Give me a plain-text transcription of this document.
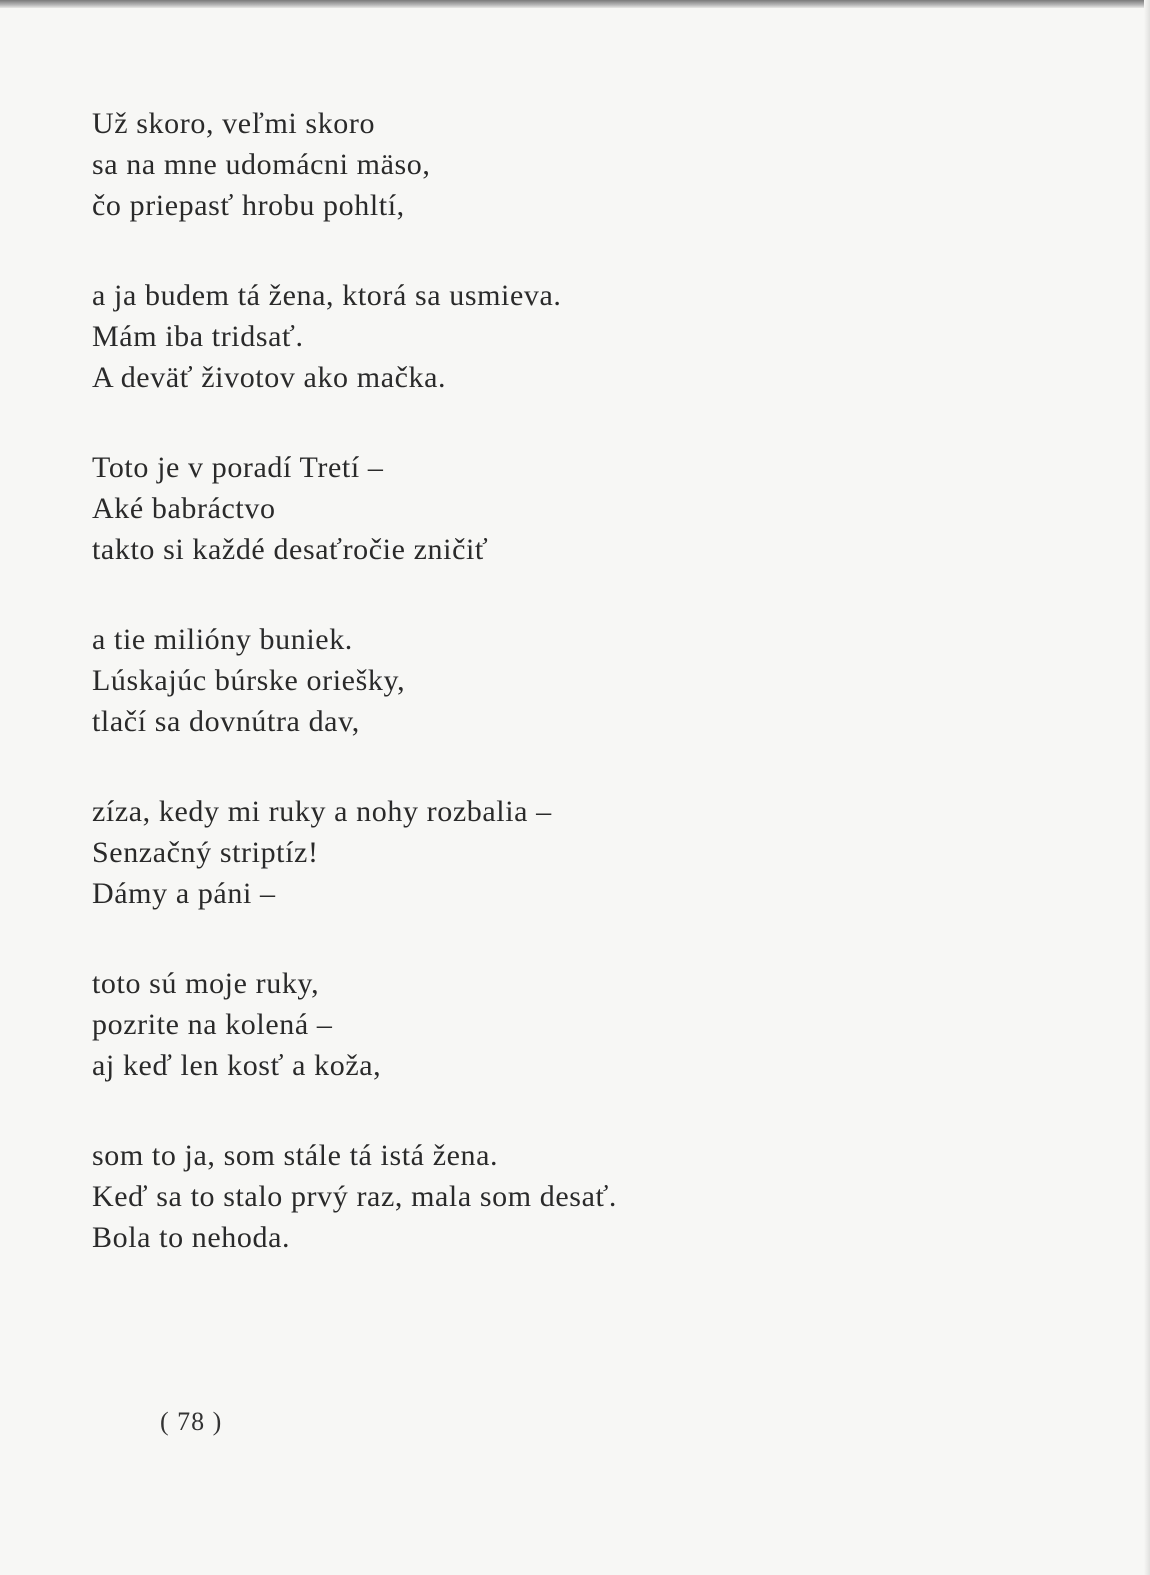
Už skoro, veľmi skoro
sa na mne udomácni mäso,
čo priepasť hrobu pohltí,
a ja budem tá žena, ktorá sa usmieva.
Mám iba tridsať.
A deväť životov ako mačka.
Toto je v poradí Tretí –
Aké babráctvo
takto si každé desaťročie zničiť
a tie milióny buniek.
Lúskajúc búrske oriešky,
tlačí sa dovnútra dav,
zíza, kedy mi ruky a nohy rozbalia –
Senzačný striptíz!
Dámy a páni –
toto sú moje ruky,
pozrite na kolená –
aj keď len kosť a koža,
som to ja, som stále tá istá žena.
Keď sa to stalo prvý raz, mala som desať.
Bola to nehoda.
( 78 )
